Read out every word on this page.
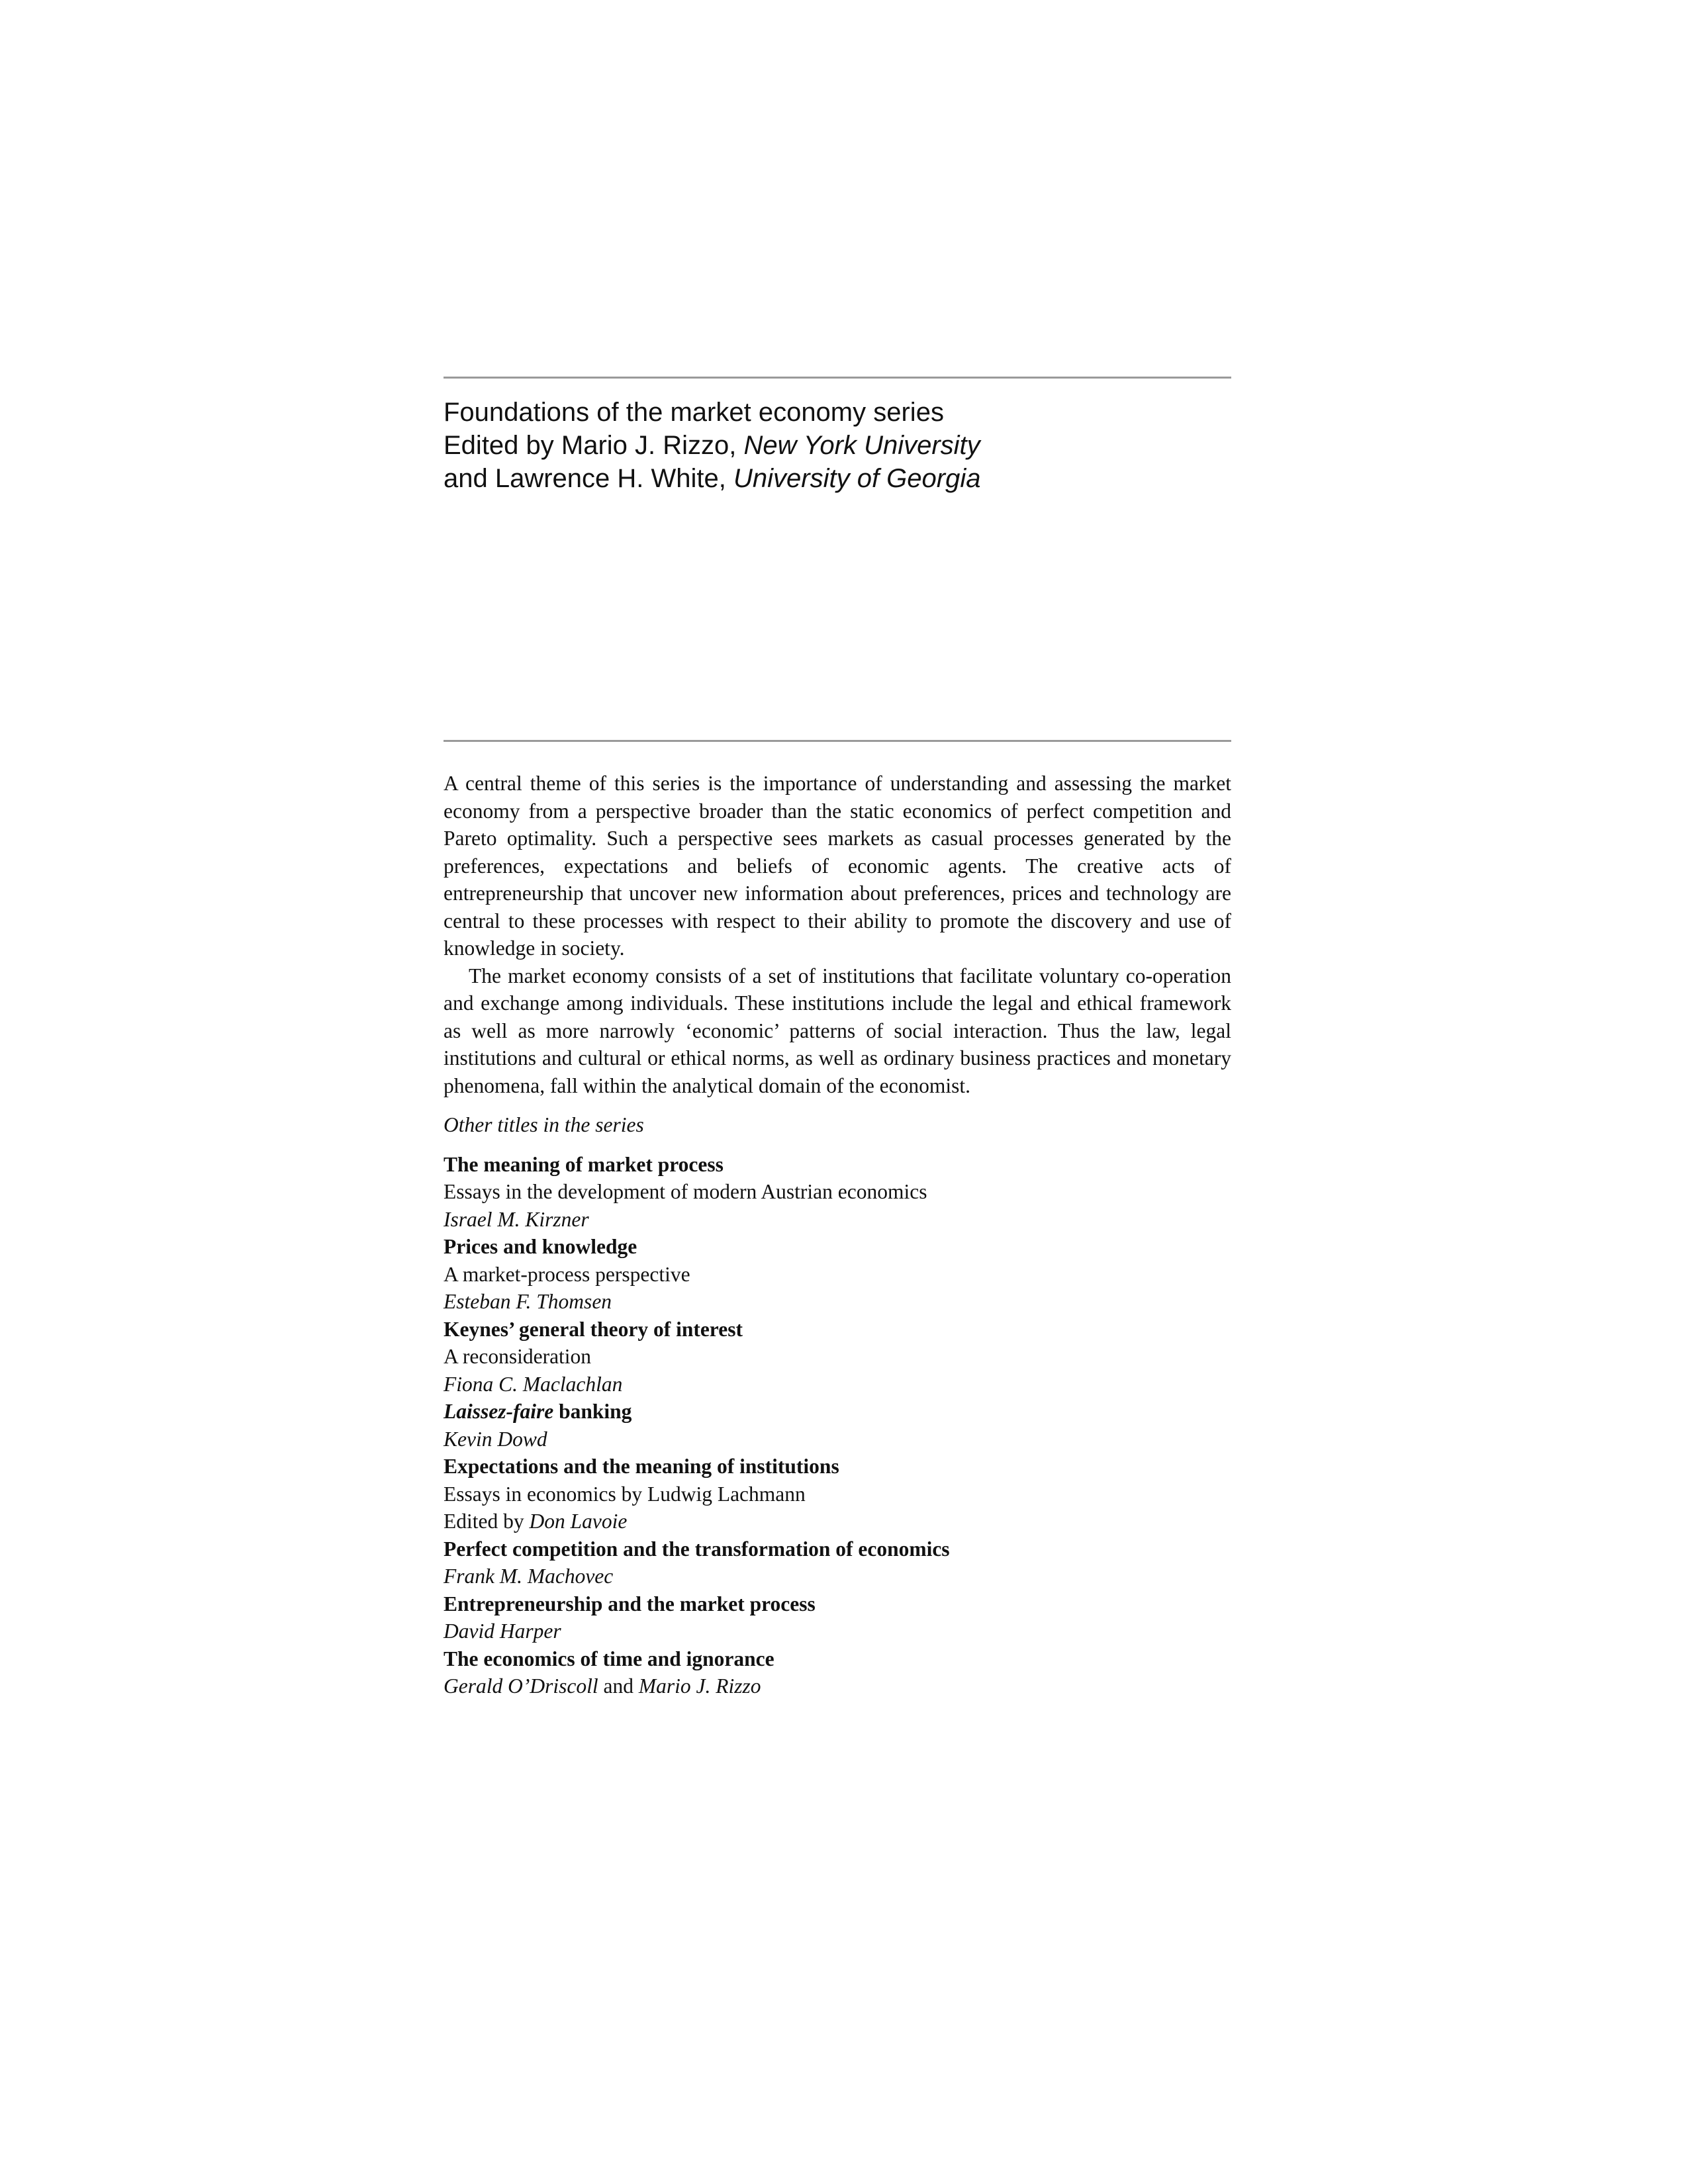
Foundations of the market economy series
Edited by Mario J. Rizzo, New York University
and Lawrence H. White, University of Georgia

A central theme of this series is the importance of understanding and assessing the market economy from a perspective broader than the static economics of perfect competition and Pareto optimality. Such a perspective sees markets as casual processes generated by the preferences, expectations and beliefs of economic agents. The creative acts of entrepreneurship that uncover new information about preferences, prices and technology are central to these processes with respect to their ability to promote the discovery and use of knowledge in society.

The market economy consists of a set of institutions that facilitate voluntary co-operation and exchange among individuals. These institutions include the legal and ethical framework as well as more narrowly ‘economic’ patterns of social interaction. Thus the law, legal institutions and cultural or ethical norms, as well as ordinary business practices and monetary phenomena, fall within the analytical domain of the economist.

Other titles in the series

The meaning of market process
Essays in the development of modern Austrian economics
Israel M. Kirzner
Prices and knowledge
A market-process perspective
Esteban F. Thomsen
Keynes’ general theory of interest
A reconsideration
Fiona C. Maclachlan
Laissez-faire banking
Kevin Dowd
Expectations and the meaning of institutions
Essays in economics by Ludwig Lachmann
Edited by Don Lavoie
Perfect competition and the transformation of economics
Frank M. Machovec
Entrepreneurship and the market process
David Harper
The economics of time and ignorance
Gerald O’Driscoll and Mario J. Rizzo
